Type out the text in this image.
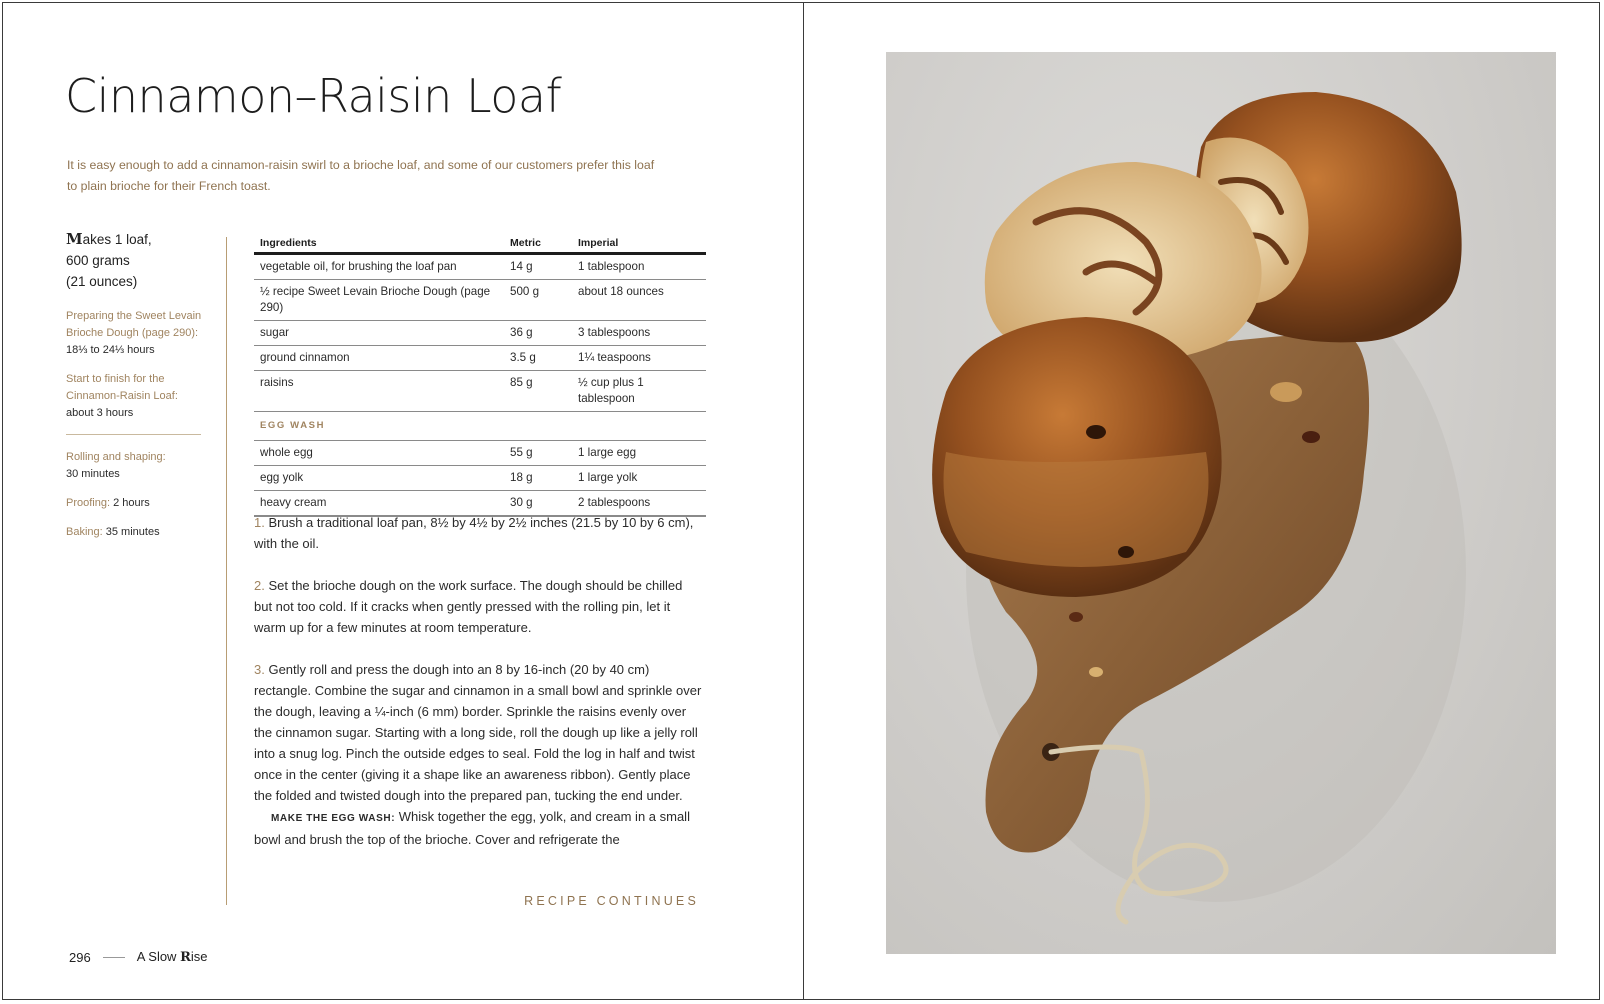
Cinnamon–Raisin Loaf
It is easy enough to add a cinnamon-raisin swirl to a brioche loaf, and some of our customers prefer this loaf to plain brioche for their French toast.
Makes 1 loaf,
600 grams
(21 ounces)
Preparing the Sweet Levain Brioche Dough (page 290):
18⅓ to 24⅓ hours
Start to finish for the Cinnamon-Raisin Loaf:
about 3 hours
Rolling and shaping:
30 minutes
Proofing: 2 hours
Baking: 35 minutes
Ingredients	Metric	Imperial
vegetable oil, for brushing the loaf pan	14 g	1 tablespoon
½ recipe Sweet Levain Brioche Dough (page 290)	500 g	about 18 ounces
sugar	36 g	3 tablespoons
ground cinnamon	3.5 g	1¼ teaspoons
raisins	85 g	½ cup plus 1 tablespoon
EGG WASH		
whole egg	55 g	1 large egg
egg yolk	18 g	1 large yolk
heavy cream	30 g	2 tablespoons

1. Brush a traditional loaf pan, 8½ by 4½ by 2½ inches (21.5 by 10 by 6 cm), with the oil.

2. Set the brioche dough on the work surface. The dough should be chilled but not too cold. If it cracks when gently pressed with the rolling pin, let it warm up for a few minutes at room temperature.

3. Gently roll and press the dough into an 8 by 16-inch (20 by 40 cm) rectangle. Combine the sugar and cinnamon in a small bowl and sprinkle over the dough, leaving a ¼-inch (6 mm) border. Sprinkle the raisins evenly over the cinnamon sugar. Starting with a long side, roll the dough up like a jelly roll into a snug log. Pinch the outside edges to seal. Fold the log in half and twist once in the center (giving it a shape like an awareness ribbon). Gently place the folded and twisted dough into the prepared pan, tucking the end under.
MAKE THE EGG WASH: Whisk together the egg, yolk, and cream in a small bowl and brush the top of the brioche. Cover and refrigerate the

RECIPE CONTINUES
296	A Slow Rise
